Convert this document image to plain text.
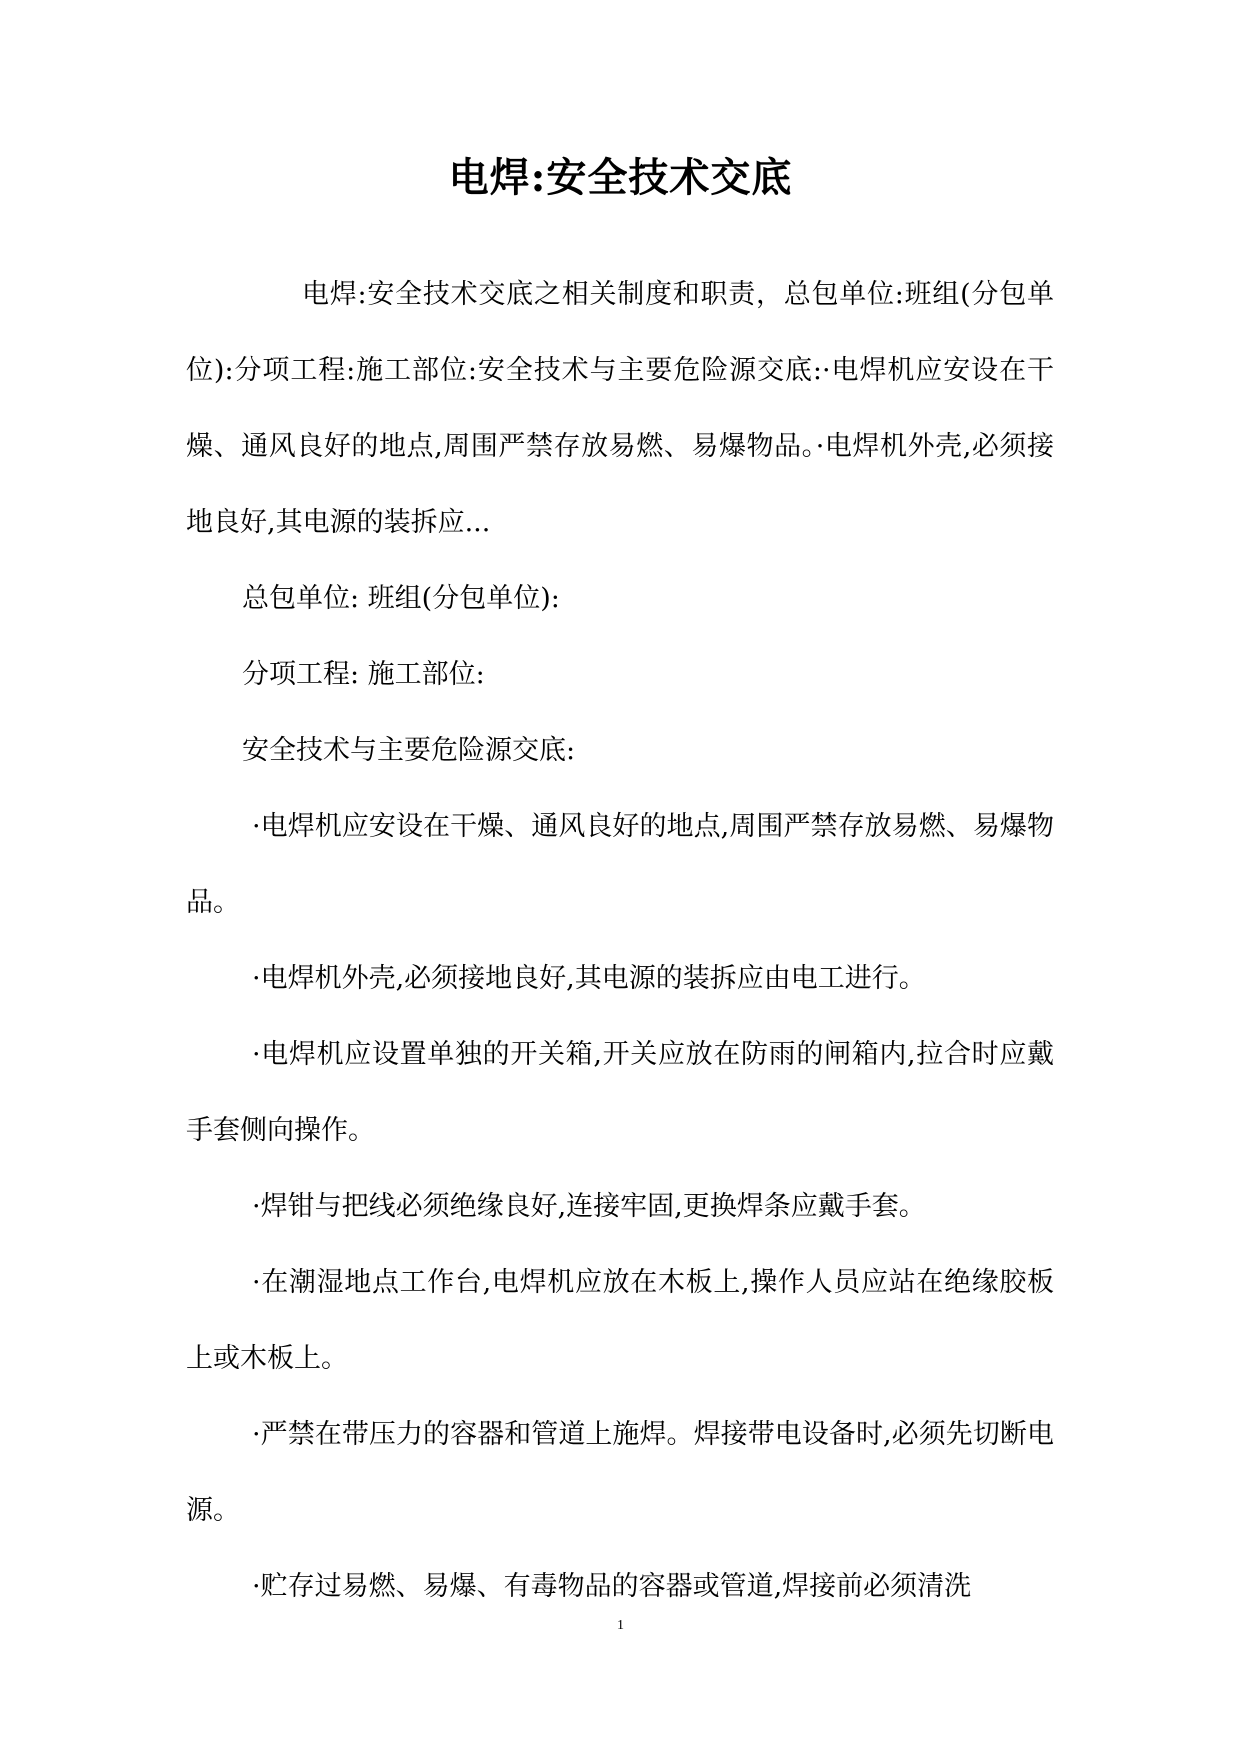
电焊:安全技术交底

电焊:安全技术交底之相关制度和职责，总包单位:班组(分包单位):分项工程:施工部位:安全技术与主要危险源交底:·电焊机应安设在干燥、通风良好的地点,周围严禁存放易燃、易爆物品。·电焊机外壳,必须接地良好,其电源的装拆应...

总包单位: 班组(分包单位):

分项工程: 施工部位:

安全技术与主要危险源交底:

·电焊机应安设在干燥、通风良好的地点,周围严禁存放易燃、易爆物品。

·电焊机外壳,必须接地良好,其电源的装拆应由电工进行。

·电焊机应设置单独的开关箱,开关应放在防雨的闸箱内,拉合时应戴手套侧向操作。

·焊钳与把线必须绝缘良好,连接牢固,更换焊条应戴手套。

·在潮湿地点工作台,电焊机应放在木板上,操作人员应站在绝缘胶板上或木板上。

·严禁在带压力的容器和管道上施焊。焊接带电设备时,必须先切断电源。

·贮存过易燃、易爆、有毒物品的容器或管道,焊接前必须清洗

1
